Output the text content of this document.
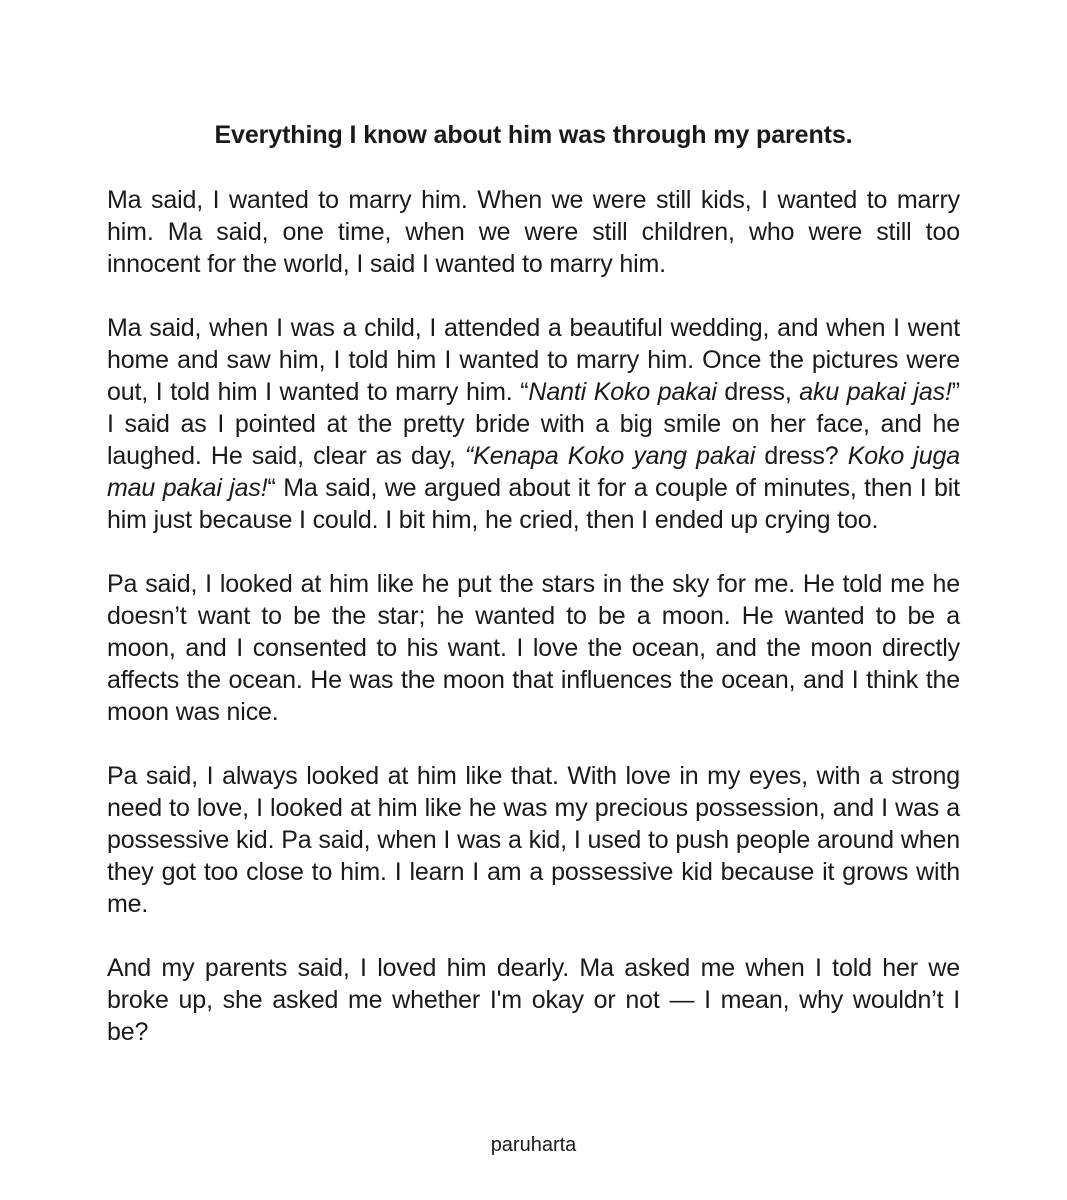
Everything I know about him was through my parents.

Ma said, I wanted to marry him. When we were still kids, I wanted to marry him. Ma said, one time, when we were still children, who were still too innocent for the world, I said I wanted to marry him.

Ma said, when I was a child, I attended a beautiful wedding, and when I went home and saw him, I told him I wanted to marry him. Once the pictures were out, I told him I wanted to marry him. “Nanti Koko pakai dress, aku pakai jas!” I said as I pointed at the pretty bride with a big smile on her face, and he laughed. He said, clear as day, “Kenapa Koko yang pakai dress? Koko juga mau pakai jas!“ Ma said, we argued about it for a couple of minutes, then I bit him just because I could. I bit him, he cried, then I ended up crying too.

Pa said, I looked at him like he put the stars in the sky for me. He told me he doesn’t want to be the star; he wanted to be a moon. He wanted to be a moon, and I consented to his want. I love the ocean, and the moon directly affects the ocean. He was the moon that influences the ocean, and I think the moon was nice.

Pa said, I always looked at him like that. With love in my eyes, with a strong need to love, I looked at him like he was my precious possession, and I was a possessive kid. Pa said, when I was a kid, I used to push people around when they got too close to him. I learn I am a possessive kid because it grows with me.

And my parents said, I loved him dearly. Ma asked me when I told her we broke up, she asked me whether I'm okay or not — I mean, why wouldn’t I be?

paruharta
